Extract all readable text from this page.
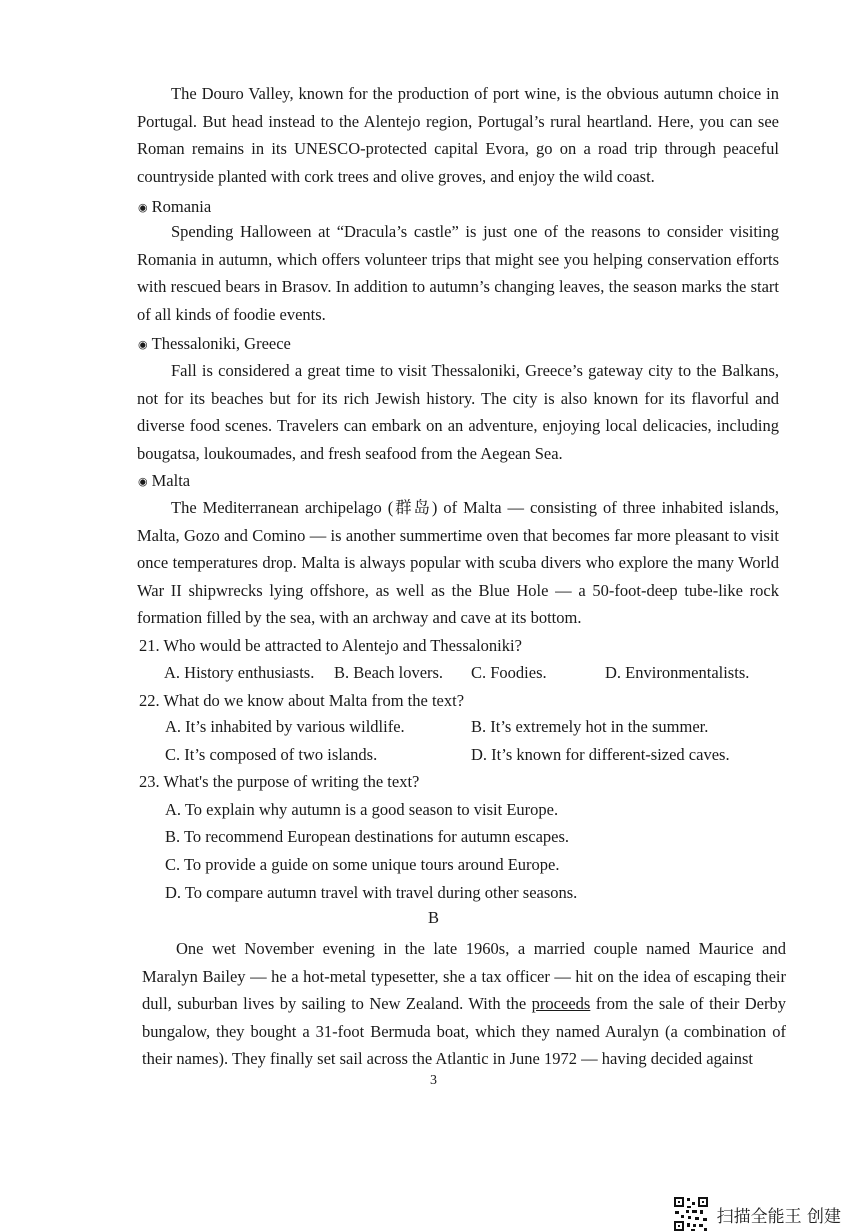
The Douro Valley, known for the production of port wine, is the obvious autumn choice in Portugal. But head instead to the Alentejo region, Portugal’s rural heartland. Here, you can see Roman remains in its UNESCO-protected capital Evora, go on a road trip through peaceful countryside planted with cork trees and olive groves, and enjoy the wild coast.

◉ Romania

Spending Halloween at “Dracula’s castle” is just one of the reasons to consider visiting Romania in autumn, which offers volunteer trips that might see you helping conservation efforts with rescued bears in Brasov. In addition to autumn’s changing leaves, the season marks the start of all kinds of foodie events.

◉ Thessaloniki, Greece

Fall is considered a great time to visit Thessaloniki, Greece’s gateway city to the Balkans, not for its beaches but for its rich Jewish history. The city is also known for its flavorful and diverse food scenes. Travelers can embark on an adventure, enjoying local delicacies, including bougatsa, loukoumades, and fresh seafood from the Aegean Sea.

◉ Malta

The Mediterranean archipelago (群岛) of Malta — consisting of three inhabited islands, Malta, Gozo and Comino — is another summertime oven that becomes far more pleasant to visit once temperatures drop. Malta is always popular with scuba divers who explore the many World War II shipwrecks lying offshore, as well as the Blue Hole — a 50-foot-deep tube-like rock formation filled by the sea, with an archway and cave at its bottom.

21. Who would be attracted to Alentejo and Thessaloniki?
A. History enthusiasts. B. Beach lovers. C. Foodies.	D. Environmentalists.
22. What do we know about Malta from the text?
A. It’s inhabited by various wildlife.	B. It’s extremely hot in the summer.
C. It’s composed of two islands.	D. It’s known for different-sized caves.
23. What's the purpose of writing the text?
A. To explain why autumn is a good season to visit Europe.
B. To recommend European destinations for autumn escapes.
C. To provide a guide on some unique tours around Europe.
D. To compare autumn travel with travel during other seasons.
B

One wet November evening in the late 1960s, a married couple named Maurice and Maralyn Bailey — he a hot-metal typesetter, she a tax officer — hit on the idea of escaping their dull, suburban lives by sailing to New Zealand. With the proceeds from the sale of their Derby bungalow, they bought a 31-foot Bermuda boat, which they named Auralyn (a combination of their names). They finally set sail across the Atlantic in June 1972 — having decided against

3
扫描全能王 创建
